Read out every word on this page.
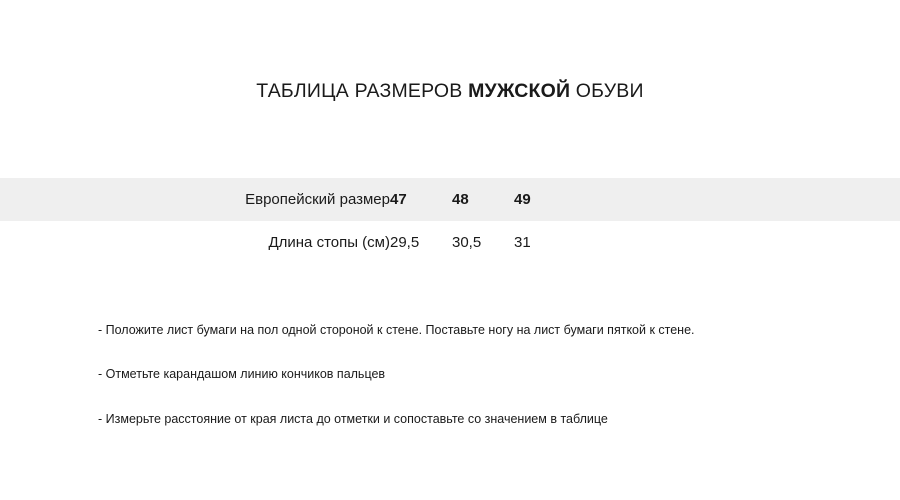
ТАБЛИЦА РАЗМЕРОВ МУЖСКОЙ ОБУВИ
Европейский размер	47	48	49	
Длина стопы (см)	29,5	30,5	31	
- Положите лист бумаги на пол одной стороной к стене. Поставьте ногу на лист бумаги пяткой к стене.
- Отметьте карандашом линию кончиков пальцев
- Измерьте расстояние от края листа до отметки и сопоставьте со значением в таблице
